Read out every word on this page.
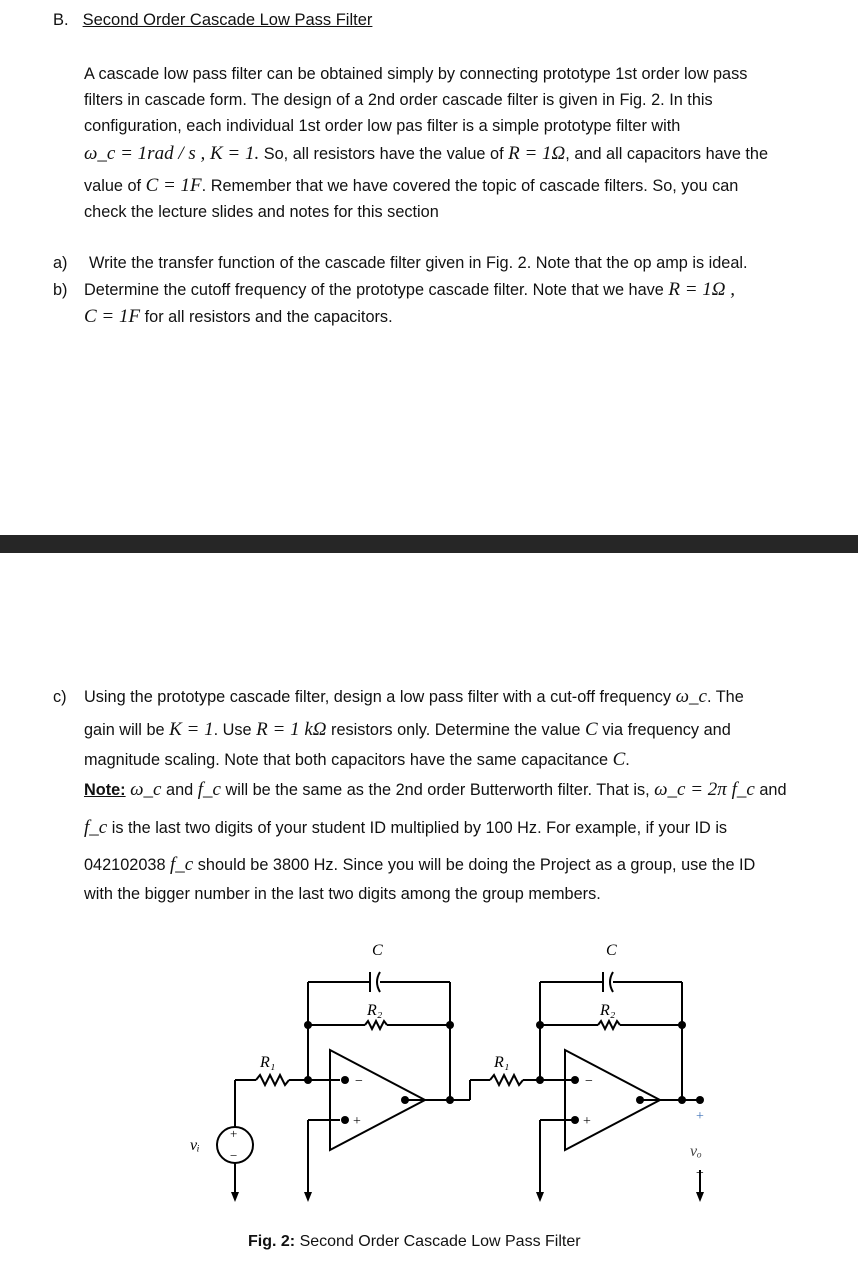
B. Second Order Cascade Low Pass Filter
A cascade low pass filter can be obtained simply by connecting prototype 1st order low pass
filters in cascade form. The design of a 2nd order cascade filter is given in Fig. 2. In this
configuration, each individual 1st order low pas filter is a simple prototype filter with
ω_c = 1rad / s , K = 1. So, all resistors have the value of R = 1Ω, and all capacitors have the
value of C = 1F. Remember that we have covered the topic of cascade filters. So, you can
check the lecture slides and notes for this section
a) Write the transfer function of the cascade filter given in Fig. 2. Note that the op amp is ideal.
b) Determine the cutoff frequency of the prototype cascade filter. Note that we have R = 1Ω ,
C = 1F for all resistors and the capacitors.
c) Using the prototype cascade filter, design a low pass filter with a cut-off frequency ω_c. The
gain will be K = 1. Use R = 1 kΩ resistors only. Determine the value C via frequency and
magnitude scaling. Note that both capacitors have the same capacitance C.
Note: ω_c and f_c will be the same as the 2nd order Butterworth filter. That is, ω_c = 2π f_c and
f_c is the last two digits of your student ID multiplied by 100 Hz. For example, if your ID is
042102038 f_c should be 3800 Hz. Since you will be doing the Project as a group, use the ID
with the bigger number in the last two digits among the group members.
C	C
R₂	R₂
R₁	R₁
vᵢ	vₒ
+
−
−
+
−
+	+
−
Fig. 2: Second Order Cascade Low Pass Filter
